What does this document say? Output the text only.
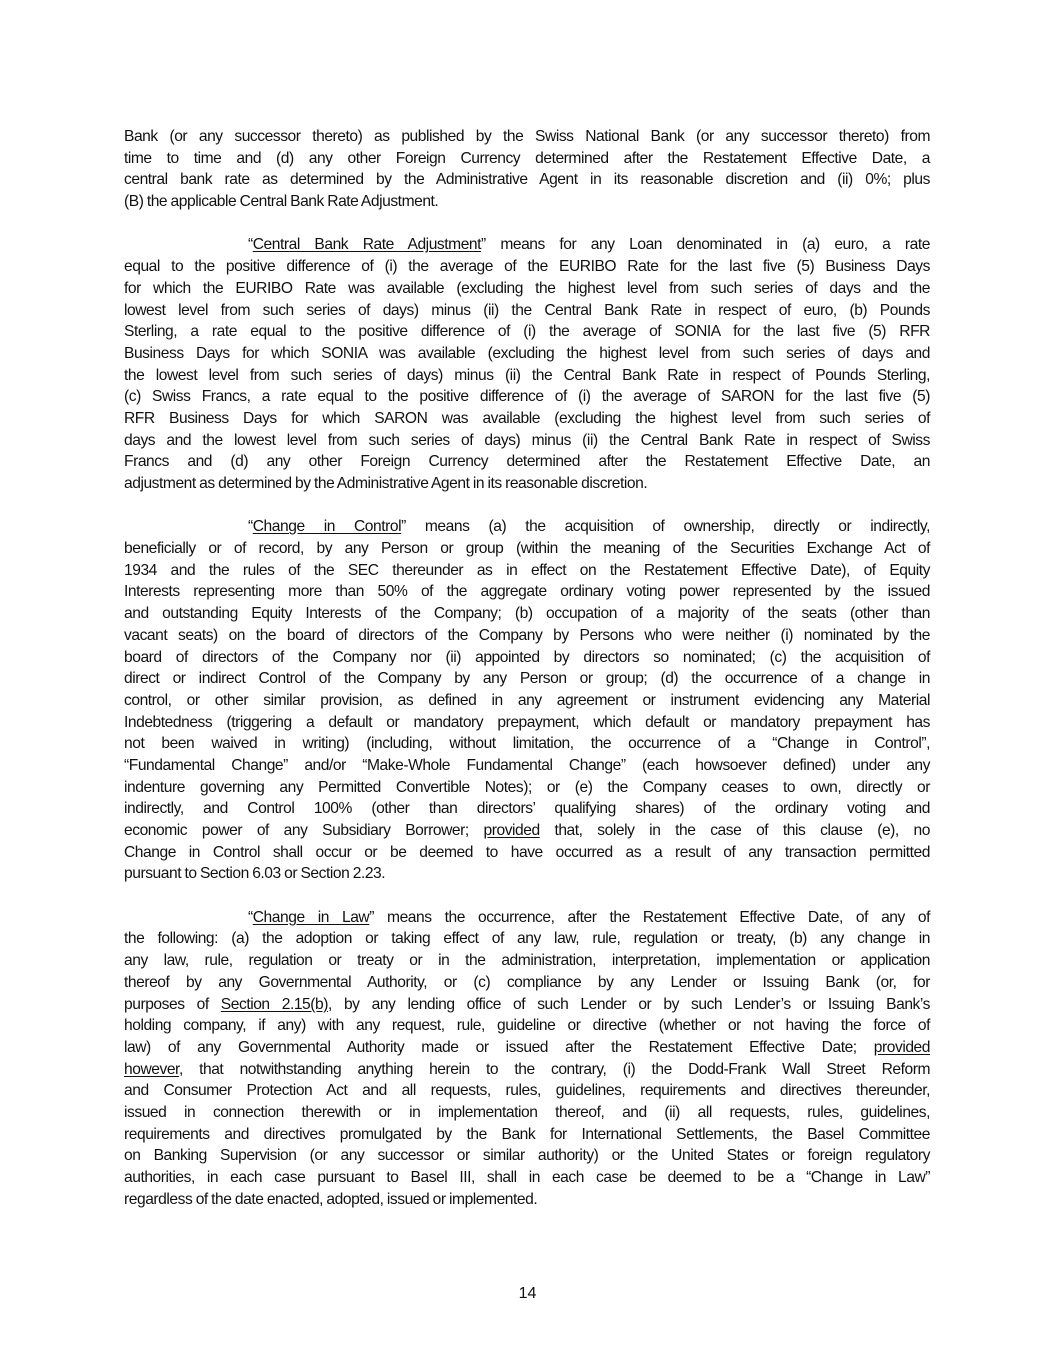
Bank (or any successor thereto) as published by the Swiss National Bank (or any successor thereto) from
time to time and (d) any other Foreign Currency determined after the Restatement Effective Date, a
central bank rate as determined by the Administrative Agent in its reasonable discretion and (ii) 0%; plus
(B) the applicable Central Bank Rate Adjustment.
“Central Bank Rate Adjustment” means for any Loan denominated in (a) euro, a rate
equal to the positive difference of (i) the average of the EURIBO Rate for the last five (5) Business Days
for which the EURIBO Rate was available (excluding the highest level from such series of days and the
lowest level from such series of days) minus (ii) the Central Bank Rate in respect of euro, (b) Pounds
Sterling, a rate equal to the positive difference of (i) the average of SONIA for the last five (5) RFR
Business Days for which SONIA was available (excluding the highest level from such series of days and
the lowest level from such series of days) minus (ii) the Central Bank Rate in respect of Pounds Sterling,
(c) Swiss Francs, a rate equal to the positive difference of (i) the average of SARON for the last five (5)
RFR Business Days for which SARON was available (excluding the highest level from such series of
days and the lowest level from such series of days) minus (ii) the Central Bank Rate in respect of Swiss
Francs and (d) any other Foreign Currency determined after the Restatement Effective Date, an
adjustment as determined by the Administrative Agent in its reasonable discretion.
“Change in Control” means (a) the acquisition of ownership, directly or indirectly,
beneficially or of record, by any Person or group (within the meaning of the Securities Exchange Act of
1934 and the rules of the SEC thereunder as in effect on the Restatement Effective Date), of Equity
Interests representing more than 50% of the aggregate ordinary voting power represented by the issued
and outstanding Equity Interests of the Company; (b) occupation of a majority of the seats (other than
vacant seats) on the board of directors of the Company by Persons who were neither (i) nominated by the
board of directors of the Company nor (ii) appointed by directors so nominated; (c) the acquisition of
direct or indirect Control of the Company by any Person or group; (d) the occurrence of a change in
control, or other similar provision, as defined in any agreement or instrument evidencing any Material
Indebtedness (triggering a default or mandatory prepayment, which default or mandatory prepayment has
not been waived in writing) (including, without limitation, the occurrence of a “Change in Control”,
“Fundamental Change” and/or “Make-Whole Fundamental Change” (each howsoever defined) under any
indenture governing any Permitted Convertible Notes); or (e) the Company ceases to own, directly or
indirectly, and Control 100% (other than directors’ qualifying shares) of the ordinary voting and
economic power of any Subsidiary Borrower; provided that, solely in the case of this clause (e), no
Change in Control shall occur or be deemed to have occurred as a result of any transaction permitted
pursuant to Section 6.03 or Section 2.23.
“Change in Law” means the occurrence, after the Restatement Effective Date, of any of
the following: (a) the adoption or taking effect of any law, rule, regulation or treaty, (b) any change in
any law, rule, regulation or treaty or in the administration, interpretation, implementation or application
thereof by any Governmental Authority, or (c) compliance by any Lender or Issuing Bank (or, for
purposes of Section 2.15(b), by any lending office of such Lender or by such Lender’s or Issuing Bank’s
holding company, if any) with any request, rule, guideline or directive (whether or not having the force of
law) of any Governmental Authority made or issued after the Restatement Effective Date; provided
however, that notwithstanding anything herein to the contrary, (i) the Dodd-Frank Wall Street Reform
and Consumer Protection Act and all requests, rules, guidelines, requirements and directives thereunder,
issued in connection therewith or in implementation thereof, and (ii) all requests, rules, guidelines,
requirements and directives promulgated by the Bank for International Settlements, the Basel Committee
on Banking Supervision (or any successor or similar authority) or the United States or foreign regulatory
authorities, in each case pursuant to Basel III, shall in each case be deemed to be a “Change in Law”
regardless of the date enacted, adopted, issued or implemented.
14
